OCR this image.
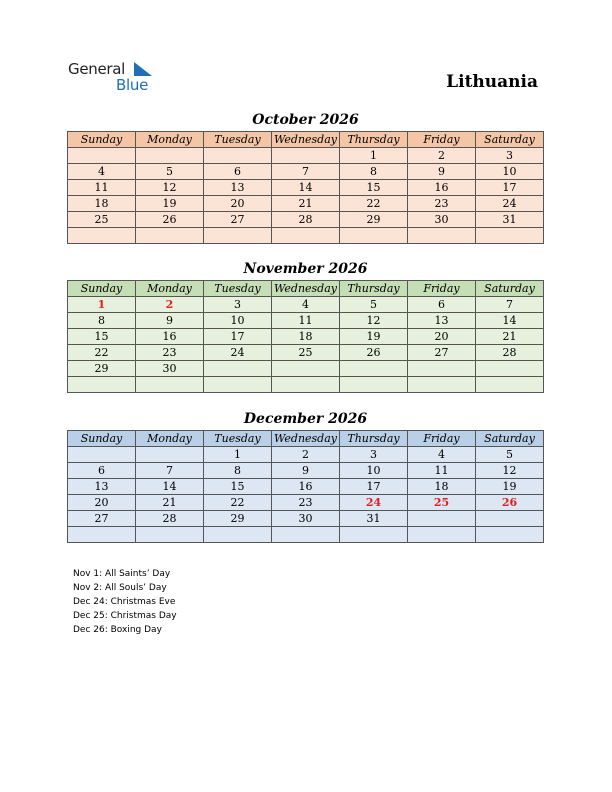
General
Blue	Lithuania
October 2026
Sunday	Monday	Tuesday	Wednesday	Thursday	Friday	Saturday
				1	2	3
4	5	6	7	8	9	10
11	12	13	14	15	16	17
18	19	20	21	22	23	24
25	26	27	28	29	30	31

November 2026
Sunday	Monday	Tuesday	Wednesday	Thursday	Friday	Saturday
1	2	3	4	5	6	7
8	9	10	11	12	13	14
15	16	17	18	19	20	21
22	23	24	25	26	27	28
29	30					

December 2026
Sunday	Monday	Tuesday	Wednesday	Thursday	Friday	Saturday
		1	2	3	4	5
6	7	8	9	10	11	12
13	14	15	16	17	18	19
20	21	22	23	24	25	26
27	28	29	30	31		

Nov 1: All Saints’ Day
Nov 2: All Souls’ Day
Dec 24: Christmas Eve
Dec 25: Christmas Day
Dec 26: Boxing Day
